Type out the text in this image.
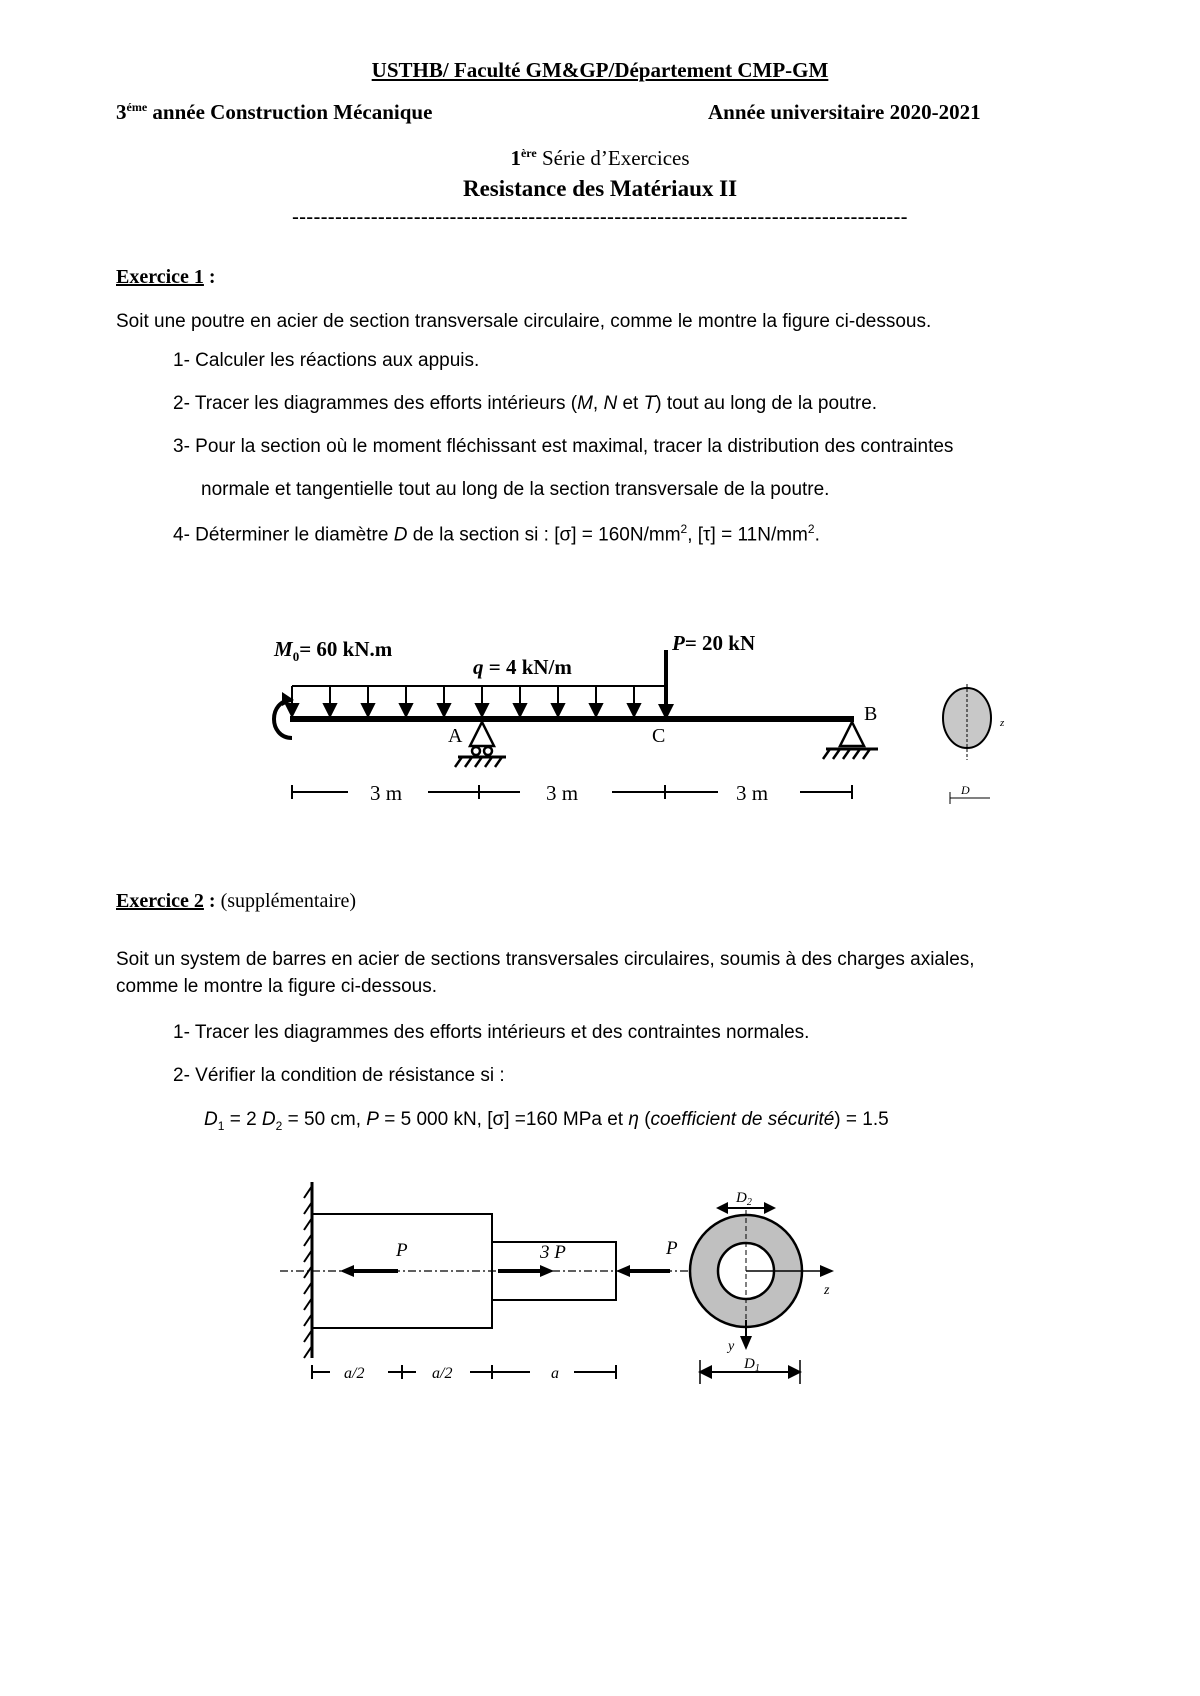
USTHB/ Faculté GM&GP/Département CMP-GM
$3^{éme}$ année Construction Mécanique	Année universitaire 2020-2021
1ère Série d’Exercices
Resistance des Matériaux II
--------------------------------------------------------------------------------------
Exercice 1 :
Soit une poutre en acier de section transversale circulaire, comme le montre la figure ci-dessous.
1- Calculer les réactions aux appuis.
2- Tracer les diagrammes des efforts intérieurs (M, N et T) tout au long de la poutre.
3- Pour la section où le moment fléchissant est maximal, tracer la distribution des contraintes
normale et tangentielle tout au long de la section transversale de la poutre.
4- Déterminer le diamètre D de la section si : $[\sigma] = 160N/mm^2$, $[\tau] = 11N/mm^2$.
$M_0= 60$ kN.m
q = 4 kN/m
P= 20 kN
A	C
B
3 m	3 m	3 m
z
D
Exercice 2 : (supplémentaire)
Soit un system de barres en acier de sections transversales circulaires, soumis à des charges axiales,
comme le montre la figure ci-dessous.
1- Tracer les diagrammes des efforts intérieurs et des contraintes normales.
2- Vérifier la condition de résistance si :
$D_1 = 2$ $D_2 = 50$ cm, P = 5 000 kN, [σ] =160 MPa et η (coefficient de sécurité) = 1.5
P	3 P	P
a/2	a/2	a
z
y
$D_2$
$D_1$
